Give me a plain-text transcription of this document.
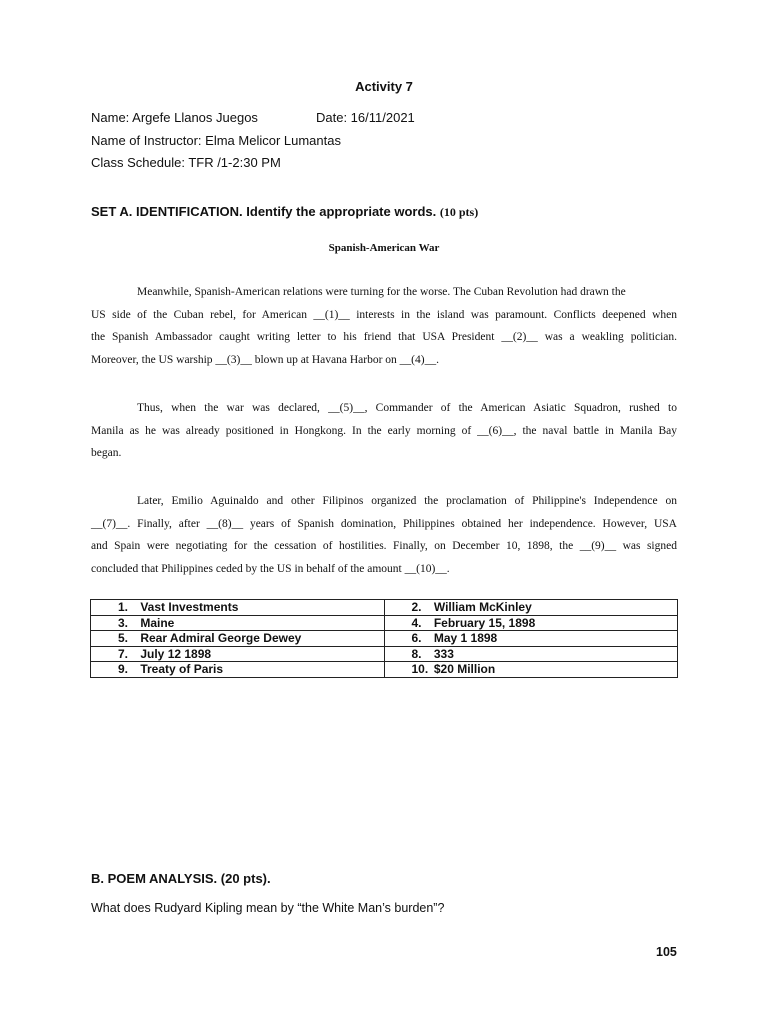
Activity 7
Name: Argefe Llanos Juegos	Date: 16/11/2021
Name of Instructor: Elma Melicor Lumantas
Class Schedule: TFR /1-2:30 PM
SET A. IDENTIFICATION. Identify the appropriate words. (10 pts)
Spanish-American War
Meanwhile, Spanish-American relations were turning for the worse. The Cuban Revolution had drawn the
US side of the Cuban rebel, for American __(1)__ interests in the island was paramount. Conflicts deepened when
the Spanish Ambassador caught writing letter to his friend that USA President __(2)__ was a weakling politician.
Moreover, the US warship __(3)__ blown up at Havana Harbor on __(4)__.
Thus, when the war was declared, __(5)__, Commander of the American Asiatic Squadron, rushed to
Manila as he was already positioned in Hongkong. In the early morning of __(6)__, the naval battle in Manila Bay
began.
Later, Emilio Aguinaldo and other Filipinos organized the proclamation of Philippine's Independence on
__(7)__. Finally, after __(8)__ years of Spanish domination, Philippines obtained her independence. However, USA
and Spain were negotiating for the cessation of hostilities. Finally, on December 10, 1898, the __(9)__ was signed
concluded that Philippines ceded by the US in behalf of the amount __(10)__.
1. Vast Investments	2. William McKinley
3. Maine	4. February 15, 1898
5. Rear Admiral George Dewey	6. May 1 1898
7. July 12 1898	8. 333
9. Treaty of Paris	10. $20 Million
B. POEM ANALYSIS. (20 pts).
What does Rudyard Kipling mean by “the White Man’s burden”?
105
